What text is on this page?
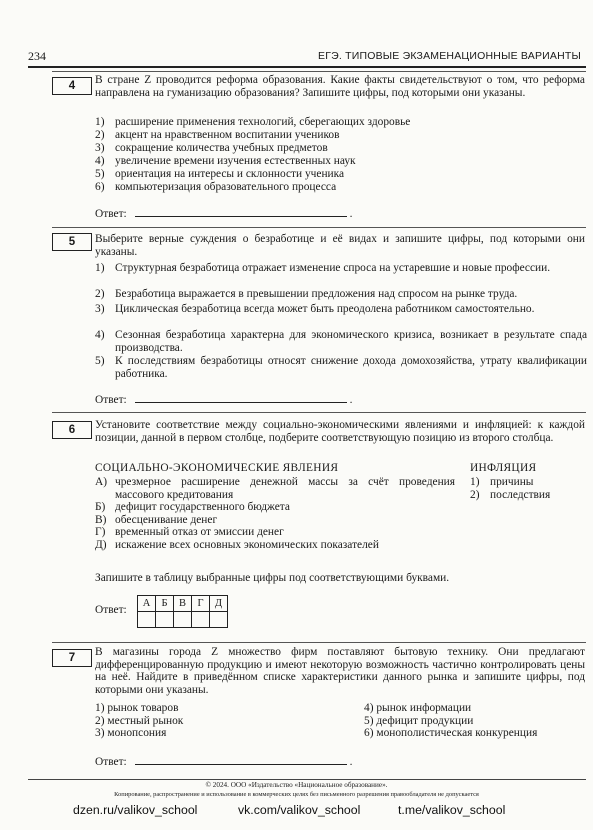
234	ЕГЭ. ТИПОВЫЕ ЭКЗАМЕНАЦИОННЫЕ ВАРИАНТЫ
4	В стране Z проводится реформа образования. Какие факты свидетельствуют о том, что реформа направлена на гуманизацию образования? Запишите цифры, под которыми они указаны.
1) расширение применения технологий, сберегающих здоровье
2) акцент на нравственном воспитании учеников
3) сокращение количества учебных предметов
4) увеличение времени изучения естественных наук
5) ориентация на интересы и склонности ученика
6) компьютеризация образовательного процесса
Ответ:	.
5	Выберите верные суждения о безработице и её видах и запишите цифры, под которыми они указаны.
1) Структурная безработица отражает изменение спроса на устаревшие и новые профессии.
2) Безработица выражается в превышении предложения над спросом на рынке труда.
3) Циклическая безработица всегда может быть преодолена работником самостоятельно.
4) Сезонная безработица характерна для экономического кризиса, возникает в результате спада производства.
5) К последствиям безработицы относят снижение дохода домохозяйства, утрату квалификации работника.
Ответ:	.
6	Установите соответствие между социально-экономическими явлениями и инфляцией: к каждой позиции, данной в первом столбце, подберите соответствующую позицию из второго столбца.
СОЦИАЛЬНО-ЭКОНОМИЧЕСКИЕ ЯВЛЕНИЯ	ИНФЛЯЦИЯ
А) чрезмерное расширение денежной массы за счёт проведения массового кредитования
Б) дефицит государственного бюджета
В) обесценивание денег
Г) временный отказ от эмиссии денег
Д) искажение всех основных экономических показателей
1) причины
2) последствия
Запишите в таблицу выбранные цифры под соответствующими буквами.
Ответ:
А	Б	В	Г	Д

7	В магазины города Z множество фирм поставляют бытовую технику. Они предлагают дифференцированную продукцию и имеют некоторую возможность частично контролировать цены на неё. Найдите в приведённом списке характеристики данного рынка и запишите цифры, под которыми они указаны.
1) рынок товаров
2) местный рынок
3) монопсония
4) рынок информации
5) дефицит продукции
6) монополистическая конкуренция
Ответ:	.
© 2024. ООО «Издательство «Национальное образование».
Копирование, распространение и использование в коммерческих целях без письменного разрешения правообладателя не допускается
dzen.ru/valikov_school	vk.com/valikov_school	t.me/valikov_school
